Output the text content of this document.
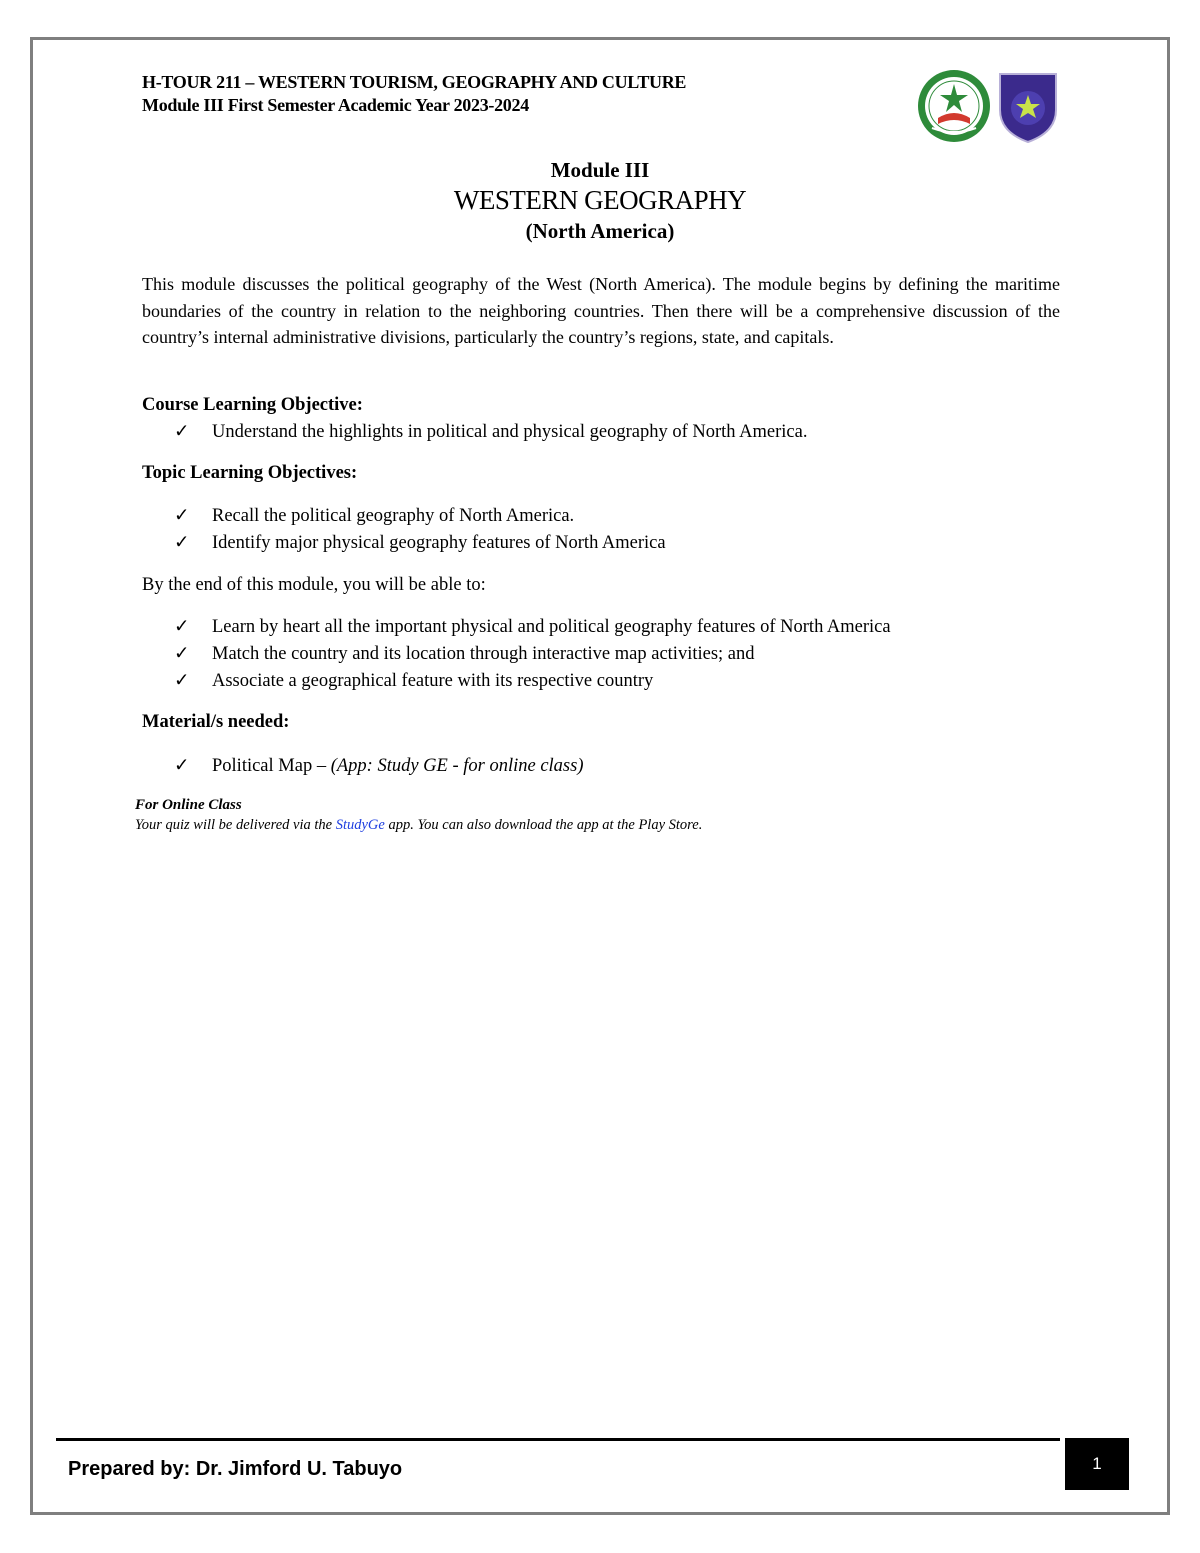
H-TOUR 211 – WESTERN TOURISM, GEOGRAPHY AND CULTURE
Module III First Semester Academic Year 2023-2024
Module III
WESTERN GEOGRAPHY
(North America)
This module discusses the political geography of the West (North America). The module begins by defining the maritime boundaries of the country in relation to the neighboring countries. Then there will be a comprehensive discussion of the country’s internal administrative divisions, particularly the country’s regions, state, and capitals.
Course Learning Objective:
✓ Understand the highlights in political and physical geography of North America.
Topic Learning Objectives:
✓ Recall the political geography of North America.
✓ Identify major physical geography features of North America
By the end of this module, you will be able to:
✓ Learn by heart all the important physical and political geography features of North America
✓ Match the country and its location through interactive map activities; and
✓ Associate a geographical feature with its respective country
Material/s needed:
✓ Political Map – (App: Study GE - for online class)
For Online Class
Your quiz will be delivered via the StudyGe app. You can also download the app at the Play Store.
Prepared by: Dr. Jimford U. Tabuyo	1
